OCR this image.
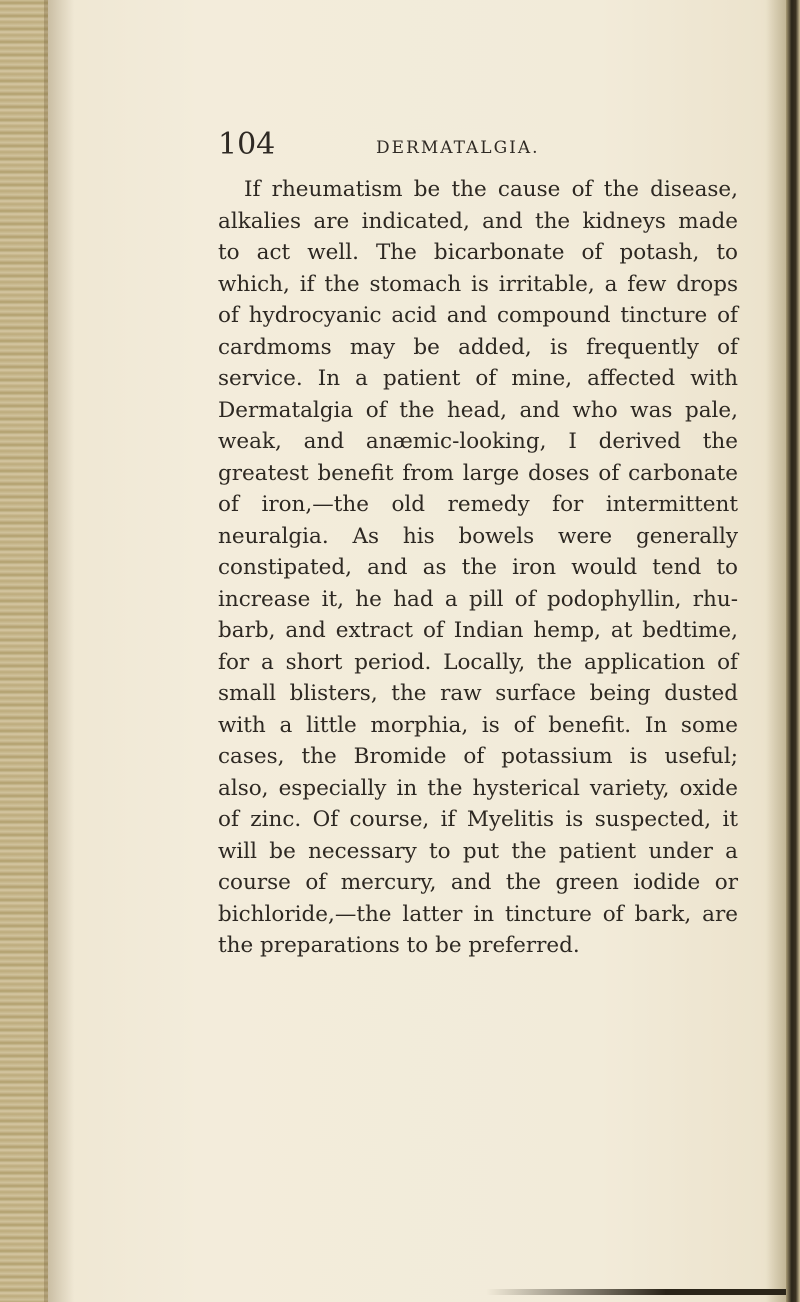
104	DERMATALGIA.
If rheumatism be the cause of the disease,
alkalies are indicated, and the kidneys made
to act well. The bicarbonate of potash, to
which, if the stomach is irritable, a few drops
of hydrocyanic acid and compound tincture of
cardmoms may be added, is frequently of
service. In a patient of mine, affected with
Dermatalgia of the head, and who was pale,
weak, and anæmic-looking, I derived the
greatest benefit from large doses of carbonate
of iron,—the old remedy for intermittent
neuralgia. As his bowels were generally
constipated, and as the iron would tend to
increase it, he had a pill of podophyllin, rhu-
barb, and extract of Indian hemp, at bedtime,
for a short period. Locally, the application of
small blisters, the raw surface being dusted
with a little morphia, is of benefit. In some
cases, the Bromide of potassium is useful;
also, especially in the hysterical variety, oxide
of zinc. Of course, if Myelitis is suspected, it
will be necessary to put the patient under a
course of mercury, and the green iodide or
bichloride,—the latter in tincture of bark, are
the preparations to be preferred.
